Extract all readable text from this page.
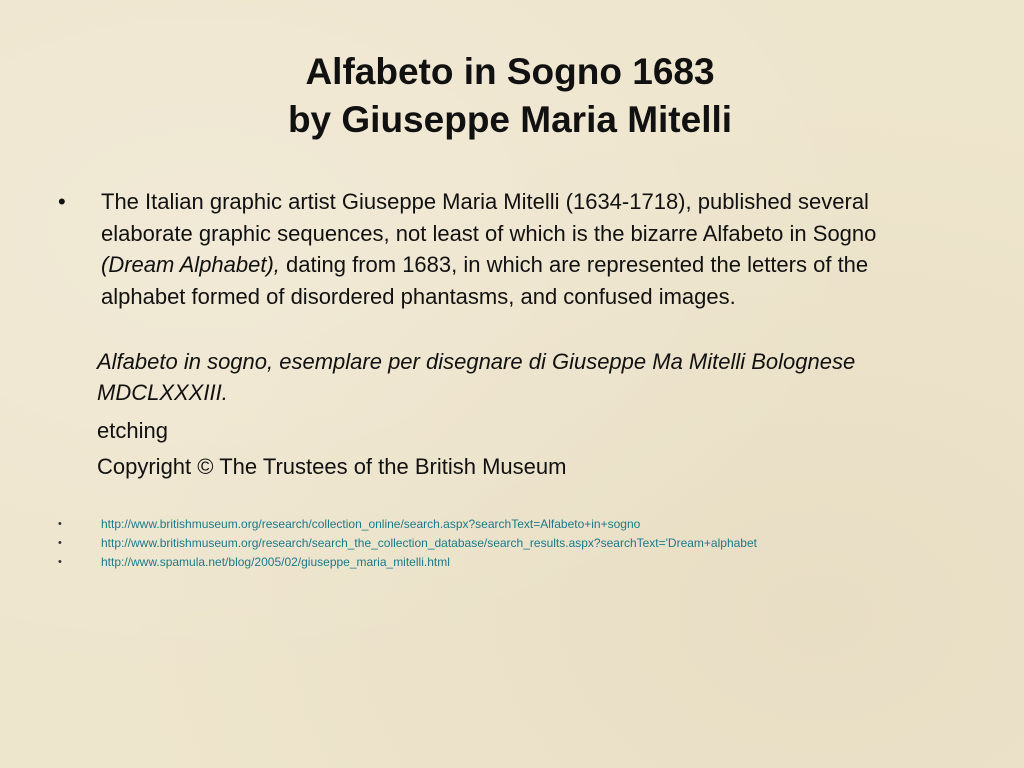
Alfabeto in Sogno 1683
by Giuseppe Maria Mitelli
• The Italian graphic artist Giuseppe Maria Mitelli (1634-1718), published several elaborate graphic sequences, not least of which is the bizarre Alfabeto in Sogno (Dream Alphabet), dating from 1683, in which are represented the letters of the alphabet formed of disordered phantasms, and confused images.
Alfabeto in sogno, esemplare per disegnare di Giuseppe Ma Mitelli Bolognese MDCLXXXIII.
etching
Copyright © The Trustees of the British Museum
•	http://www.britishmuseum.org/research/collection_online/search.aspx?searchText=Alfabeto+in+sogno
•	http://www.britishmuseum.org/research/search_the_collection_database/search_results.aspx?searchText='Dream+alphabet
•	http://www.spamula.net/blog/2005/02/giuseppe_maria_mitelli.html
